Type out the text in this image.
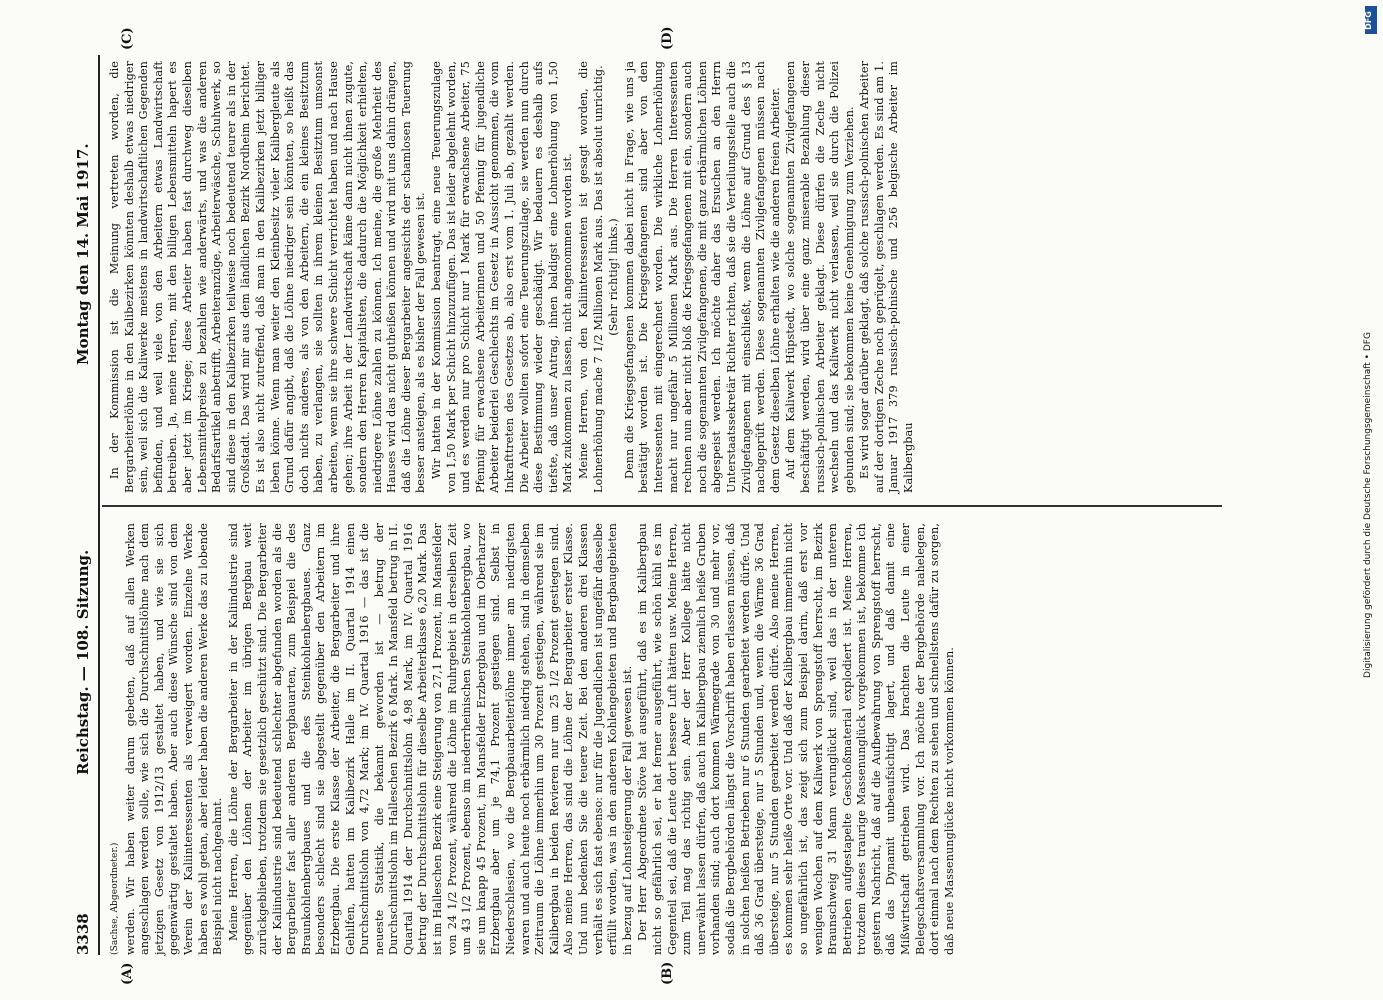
3338
Reichstag. — 108. Sitzung.
Montag den 14. Mai 1917.
(A)	(B)
(C)	(D)

(Sachse, Abgeordneter.) werden. Wir haben weiter darum gebeten, daß auf allen Werken angeschlagen werden solle, wie sich die Durchschnittslöhne nach dem jetzigen Gesetz von 1912/13 gestaltet haben, und wie sie sich gegenwärtig gestaltet haben. Aber auch diese Wünsche sind von dem Verein der Kaliinteressenten als verweigert worden. Einzelne Werke haben es wohl getan, aber leider haben die anderen Werke das zu lobende Beispiel nicht nachgeahmt. Meine Herren, die Löhne der Bergarbeiter in der Kaliindustrie sind gegenüber den Löhnen der Arbeiter im übrigen Bergbau weit zurückgeblieben, trotzdem sie gesetzlich geschützt sind. Die Bergarbeiter der Kaliindustrie sind bedeutend schlechter abgefunden worden als die Bergarbeiter fast aller anderen Bergbauarten, zum Beispiel die des Braunkohlenbergbaues und die des Steinkohlenbergbaues. Ganz besonders schlecht sind sie abgestellt gegenüber den Arbeitern im Erzbergbau. Die erste Klasse der Arbeiter, die Bergarbeiter und ihre Gehilfen, hatten im Kalibezirk Halle im II. Quartal 1914 einen Durchschnittslohn von 4,72 Mark; im IV. Quartal 1916 — das ist die neueste Statistik, die bekannt geworden ist — betrug der Durchschnittslohn im Halleschen Bezirk 6 Mark. In Mansfeld betrug in II. Quartal 1914 der Durchschnittslohn 4,98 Mark, im IV. Quartal 1916 betrug der Durchschnittslohn für dieselbe Arbeiterklasse 6,20 Mark. Das ist im Halleschen Bezirk eine Steigerung von 27,1 Prozent, im Mansfelder von 24 1/2 Prozent, während die Löhne im Ruhrgebiet in derselben Zeit um 43 1/2 Prozent, ebenso im niederrheinischen Steinkohlenbergbau, wo sie um knapp 45 Prozent, im Mansfelder Erzbergbau und im Oberharzer Erzbergbau aber um je 74,1 Prozent gestiegen sind. Selbst in Niederschlesien, wo die Bergbauarbeiterlöhne immer am niedrigsten waren und auch heute noch erbärmlich niedrig stehen, sind in demselben Zeitraum die Löhne immerhin um 30 Prozent gestiegen, während sie im Kalibergbau in beiden Revieren nur um 25 1/2 Prozent gestiegen sind. Also meine Herren, das sind die Löhne der Bergarbeiter erster Klasse. Und nun bedenken Sie die teuere Zeit. Bei den anderen drei Klassen verhält es sich fast ebenso: nur für die Jugendlichen ist ungefähr dasselbe erfüllt worden, was in den anderen Kohlengebieten und Bergbaugebieten in bezug auf Lohnsteigerung der Fall gewesen ist. Der Herr Abgeordnete Stöve hat ausgeführt, daß es im Kalibergbau nicht so gefährlich sei, er hat ferner ausgeführt, wie schön kühl es im Gegenteil sei, daß die Leute dort bessere Luft hätten usw. Meine Herren, zum Teil mag das richtig sein. Aber der Herr Kollege hätte nicht unerwähnt lassen dürfen, daß auch im Kalibergbau ziemlich heiße Gruben vorhanden sind; auch dort kommen Wärmegrade von 30 und mehr vor, sodaß die Bergbehörden längst die Vorschrift haben erlassen müssen, daß in solchen heißen Betrieben nur 6 Stunden gearbeitet werden dürfe. Und daß 36 Grad übersteige, nur 5 Stunden und, wenn die Wärme 36 Grad übersteige, nur 5 Stunden gearbeitet werden dürfe. Also meine Herren, es kommen sehr heiße Orte vor. Und daß der Kalibergbau immerhin nicht so ungefährlich ist, das zeigt sich zum Beispiel darin, daß erst vor wenigen Wochen auf dem Kaliwerk von Sprengstoff herrscht, im Bezirk Braunschweig 31 Mann verunglückt sind, weil das in der unteren Betrieben aufgestapelte Geschoßmaterial explodiert ist. Meine Herren, trotzdem dieses traurige Massenunglück vorgekommen ist, bekomme ich gestern Nachricht, daß auf die Aufbewahrung von Sprengstoff herrscht, daß das Dynamit unbeaufsichtigt lagert, und daß damit eine Mißwirtschaft getrieben wird. Das brachten die Leute in einer Belegschaftsversammlung vor. Ich möchte der Bergbehörde nahelegen, dort einmal nach dem Rechten zu sehen und schnellstens dafür zu sorgen, daß neue Massenunglücke nicht vorkommen können.

In der Kommission ist die Meinung vertreten worden, die Bergarbeiterlöhne in den Kalibezirken könnten deshalb etwas niedriger sein, weil sich die Kaliwerke meistens in landwirtschaftlichen Gegenden befinden, und weil viele von den Arbeitern etwas Landwirtschaft betreiben. Ja, meine Herren, mit den billigen Lebensmitteln hapert es aber jetzt im Kriege; diese Arbeiter haben fast durchweg dieselben Lebensmittelpreise zu bezahlen wie anderwärts, und was die anderen Bedarfsartikel anbetrifft, Arbeiteranzüge, Arbeiterwäsche, Schuhwerk, so sind diese in den Kalibezirken teilweise noch bedeutend teurer als in der Großstadt. Das wird mir aus dem ländlichen Bezirk Nordheim berichtet. Es ist also nicht zutreffend, daß man in den Kalibezirken jetzt billiger leben könne. Wenn man weiter den Kleinbesitz vieler Kalibergleute als Grund dafür angibt, daß die Löhne niedriger sein könnten, so heißt das doch nichts anderes, als von den Arbeitern, die ein kleines Besitztum haben, zu verlangen, sie sollten in ihrem kleinen Besitztum umsonst arbeiten, wenn sie ihre schwere Schicht verrichtet haben und nach Hause gehen; ihre Arbeit in der Landwirtschaft käme dann nicht ihnen zugute, sondern den Herren Kapitalisten, die dadurch die Möglichkeit erhielten, niedrigere Löhne zahlen zu können. Ich meine, die große Mehrheit des Hauses wird das nicht gutheißen können und wird mit uns dahin drängen, daß die Löhne dieser Bergarbeiter angesichts der schamlosen Teuerung besser ansteigen, als es bisher der Fall gewesen ist. Wir hatten in der Kommission beantragt, eine neue Teuerungszulage von 1,50 Mark per Schicht hinzuzufügen. Das ist leider abgelehnt worden, und es werden nur pro Schicht nur 1 Mark für erwachsene Arbeiter, 75 Pfennig für erwachsene Arbeiterinnen und 50 Pfennig für jugendliche Arbeiter beiderlei Geschlechts im Gesetz in Aussicht genommen, die vom Inkrafttreten des Gesetzes ab, also erst vom 1. Juli ab, gezahlt werden. Die Arbeiter wollten sofort eine Teuerungszulage, sie werden nun durch diese Bestimmung wieder geschädigt. Wir bedauern es deshalb aufs tiefste, daß unser Antrag, ihnen baldigst eine Lohnerhöhung von 1,50 Mark zukommen zu lassen, nicht angenommen worden ist. Meine Herren, von den Kaliinteressenten ist gesagt worden, die Lohnerhöhung mache 7 1/2 Millionen Mark aus. Das ist absolut unrichtig. (Sehr richtig! links.) Denn die Kriegsgefangenen kommen dabei nicht in Frage, wie uns ja bestätigt worden ist. Die Kriegsgefangenen sind aber von den Interessenten mit eingerechnet worden. Die wirkliche Lohnerhöhung macht nur ungefähr 5 Millionen Mark aus. Die Herren Interessenten rechnen nun aber nicht bloß die Kriegsgefangenen mit ein, sondern auch noch die sogenannten Zivilgefangenen, die mit ganz erbärmlichen Löhnen abgespeist werden. Ich möchte daher das Ersuchen an den Herrn Unterstaatssekretär Richter richten, daß sie die Verteilungsstelle auch die Zivilgefangenen mit einschließt, wenn die Löhne auf Grund des § 13 nachgeprüft werden. Diese sogenannten Zivilgefangenen müssen nach dem Gesetz dieselben Löhne erhalten wie die anderen freien Arbeiter. Auf dem Kaliwerk Hüpstedt, wo solche sogenannten Zivilgefangenen beschäftigt werden, wird über eine ganz miserable Bezahlung dieser russisch-polnischen Arbeiter geklagt. Diese dürfen die Zeche nicht wechseln und das Kaliwerk nicht verlassen, weil sie durch die Polizei gebunden sind; sie bekommen keine Genehmigung zum Verziehen. Es wird sogar darüber geklagt, daß solche russisch-polnischen Arbeiter auf der dortigen Zeche noch geprügelt, geschlagen werden. Es sind am 1. Januar 1917 379 russisch-polnische und 256 belgische Arbeiter im Kalibergbau

DFG
Digitalisierung gefördert durch die Deutsche Forschungsgemeinschaft • DFG
